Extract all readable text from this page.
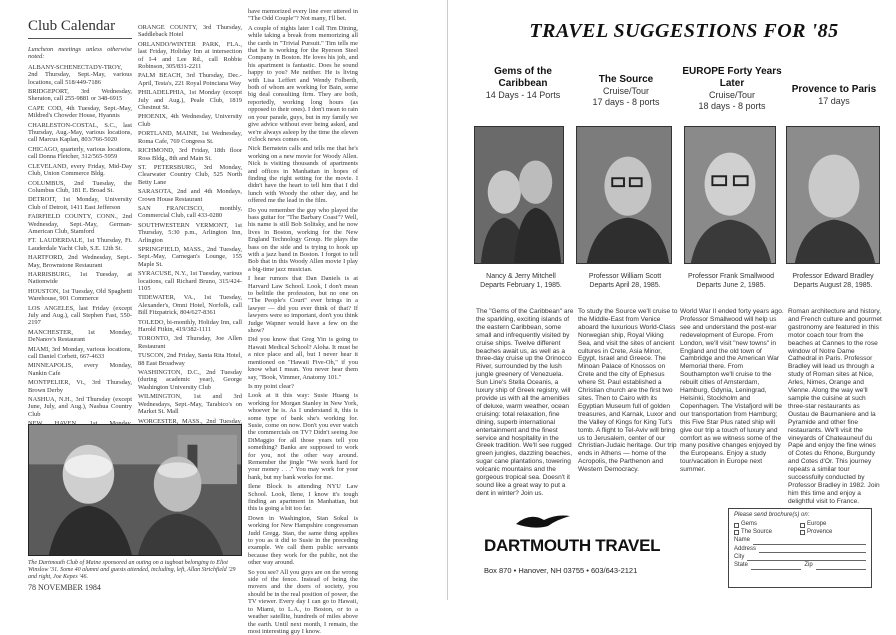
Club Calendar

Luncheon meetings unless otherwise noted:

ALBANY-SCHENECTADY-TROY, 2nd Thursday, Sept.-May, various locations, call 518/449-7186

BRIDGEPORT, 3rd Wednesday, Sheraton, call 255-9881 or 348-6915

CAPE COD, 4th Tuesday, Sept.-May, Mildred's Chowder House, Hyannis

CHARLESTON-COSTAL, S.C., last Thursday, Aug.-May, various locations, call Marcus Kaplan, 803/766-5020

CHICAGO, quarterly, various locations, call Donna Fletcher, 312/565-5959

CLEVELAND, every Friday, Mid-Day Club, Union Commerce Bldg.

COLUMBUS, 2nd Tuesday, the Columbus Club, 181 E. Broad St.

DETROIT, 1st Monday, University Club of Detroit, 1411 East Jefferson

FAIRFIELD COUNTY, CONN., 2nd Wednesday, Sept.-May, German-American Club, Stamford

FT. LAUDERDALE, 1st Thursday, Ft. Lauderdale Yacht Club, S.E. 12th St.

HARTFORD, 2nd Wednesday, Sept.-May, Brownstone Restaurant

HARRISBURG, 1st Tuesday, at Nationwide

HOUSTON, 1st Tuesday, Old Spaghetti Warehouse, 901 Commerce

LOS ANGELES, last Friday (except July and Aug.), call Stephen Fast, 550-2197

MANCHESTER, 1st Monday, DeNanov's Restaurant

MIAMI, 3rd Monday, various locations, call Daniel Corbett, 667-4633

MINNEAPOLIS, every Monday, Nankin Cafe

MONTPELIER, Vt., 3rd Thursday, Brown Derby

NASHUA, N.H., 3rd Thursday (except June, July, and Aug.), Nashua Country Club

ORANGE COUNTY, 3rd Thursday, Saddleback Hotel

ORLANDO/WINTER PARK, FLA., last Friday, Holiday Inn at intersection of I-4 and Lee Rd., call Robbie Robinson, 305/831-2211

PALM BEACH, 3rd Thursday, Dec.-April, Testa's, 221 Royal Poinciana Way

PHILADELPHIA, 1st Monday (except July and Aug.), Peale Club, 1819 Chestnut St.

PHOENIX, 4th Wednesday, University Club

PORTLAND, MAINE, 1st Wednesday, Roma Cafe, 769 Congress St.

RICHMOND, 3rd Friday, 18th floor Ross Bldg., 8th and Main St.

ST. PETERSBURG, 3rd Monday, Clearwater Country Club, 525 North Betty Lane

SARASOTA, 2nd and 4th Mondays, Crown House Restaurant

SAN FRANCISCO, monthly, Commercial Club, call 433-0280

SOUTHWESTERN VERMONT, 1st Thursday, 5:30 p.m., Arlington Inn, Arlington

SPRINGFIELD, MASS., 2nd Tuesday, Sept.-May, Carnegan's Lounge, 155 Maple St.

SYRACUSE, N.Y., 1st Tuesday, various locations, call Richard Bruno, 315/424-1105

TIDEWATER, VA., 1st Tuesday, Alexander's, Omni Hotel, Norfolk, call Bill Fitzpatrick, 804/627-8361

TOLEDO, bi-monthly, Holiday Inn, call Harold Fitkin, 419/382-1111

TORONTO, 3rd Thursday, Joe Allen Restaurant

TUSCON, 2nd Friday, Santa Rita Hotel, 88 East Broadway

WASHINGTON, D.C., 2nd Tuesday (during academic year), George Washington University Club

WILMINGTON, 1st and 3rd Wednesdays, Sept.-May, Tarabico's on Market St. Mall

WORCESTER, MASS., 2nd Tuesday,

have memorized every line ever uttered in "The Odd Couple"? Not many, I'll bet.

A couple of nights later I call Tim Dining, while taking a break from memorizing all the cards in "Trivial Pursuit." Tim tells me that he is working for the Ryerson Steel Company in Boston. He loves his job, and his apartment is fantastic. Does he sound happy to you? Me neither. He is living with Lisa Leffert and Wendy Folberth, both of whom are working for Bain, some big deal consulting firm. They are both, reportedly, working long hours (as opposed to their ones). I don't mean to rain on your parade, guys, but in my family we give advice without ever being asked, and we're always asleep by the time the eleven o'clock news comes on.

Nick Bernstein calls and tells me that he's working on a new movie for Woody Allen. Nick is visiting thousands of apartments and offices in Manhattan in hopes of finding the right setting for the movie. I didn't have the heart to tell him that I did lunch with Woody the other day, and he offered me the lead in the film.

Do you remember the guy who played the bass guitar for "The Barbary Coast"? Well, his name is still Bob Solitsky, and he now lives in Boston, working for the New England Technology Group. He plays the bass on the side and is trying to hook up with a jazz band in Boston. I forgot to tell Bob that in this Woody Allen movie I play a big-time jazz musician.

I hear rumors that Dan Daniels is at Harvard Law School. Look, I don't mean to belittle the profession, but no one on "The People's Court" ever brings in a lawyer — did you ever think of that? If lawyers were so important, don't you think Judge Wapner would have a few on the show?

Did you know that Greg Yin is going to Hawaii Medical School? Aloha. It must be a nice place and all, but I never hear it mentioned on "Hawaii Five-Oh," if you know what I mean. You never hear them say, "Book, Vimmer, Anatomy 101."

Is my point clear?

Look at it this way: Susie Huang is working for Morgan Stanley in New York, whoever he is. As I understand it, this is some type of bank she's working for. Susie, come on now. Don't you ever watch the commercials on TV? Didn't seeing Joe DiMaggio for all those years tell you something? Banks are supposed to work for you, not the other way around. Remember the jingle "We work hard for your money . . ." You may work for your bank, but my bank works for me.

Ilene Block is attending NYU Law School. Look, Ilene, I know it's tough finding an apartment in Manhattan, but this is going a bit too far.

Down in Washington, Stan Sokul is working for New Hampshire congressman Judd Gregg. Stan, the same thing applies to you as it did to Susie in the preceding example. We call them public servants because they work for the public, not the other way around.

So you see? All you guys are on the wrong side of the fence. Instead of being the movers and the doers of society, you should be in the real position of power, the TV viewer. Every day I can go to Hawaii, to Miami, to L.A., to Boston, or to a weather satellite, hundreds of miles above the earth. Until next month, I remain, the most interesting guy I know.

The Dartmouth Club of Maine sponsored an outing on a tugboat belonging to Eliot Winslow '31. Some 40 alumni and guests attended, including, left, Allan Strichfield '29 and right, Joe Kepes '46.
78 NOVEMBER 1984
TRAVEL SUGGESTIONS FOR '85
Gems of the Caribbean
14 Days - 14 Ports
The Source
Cruise/Tour
17 days - 8 ports
EUROPE Forty Years Later
Cruise/Tour
18 days - 8 ports
Provence to Paris
17 days
Nancy & Jerry Mitchell
Departs February 1, 1985.
Professor William Scott
Departs April 28, 1985.
Professor Frank Smallwood
Departs June 2, 1985.
Professor Edward Bradley
Departs August 28, 1985.
The "Gems of the Caribbean" are the sparkling, exciting islands of the eastern Caribbean, some small and infrequently visited by cruise ships. Twelve different beaches await us, as well as a three-day cruise up the Orinocco River, surrounded by the lush jungle greenery of Venezuela. Sun Line's Stella Oceanis, a luxury ship of Greek registry, will provide us with all the amenities of deluxe, warm weather, ocean cruising: total relaxation, fine dining, superb international entertainment and the finest service and hospitality in the Greek tradition. We'll see rugged green jungles, dazzling beaches, sugar cane plantations, towering volcanic mountains and the gorgeous tropical sea. Doesn't it sound like a great way to put a dent in winter? Join us.
To study the Source we'll cruise to the Middle-East from Venice aboard the luxurious World-Class Norwegian ship, Royal Viking Sea, and visit the sites of ancient cultures in Crete, Asia Minor, Egypt, Israel and Greece. The Minoan Palace of Knossos on Crete and the city of Ephesus where St. Paul established a Christian church are the first two sites. Then to Cairo with its Egyptian Museum full of golden treasures, and Karnak, Luxor and the Valley of Kings for King Tut's tomb. A flight to Tel-Aviv will bring us to Jerusalem, center of our Christian-Judaic heritage. Our trip ends in Athens — home of the Acropolis, the Parthenon and Western Democracy.
World War II ended forty years ago. Professor Smallwood will help us see and understand the post-war redevelopment of Europe. From London, we'll visit "new towns" in England and the old town of Cambridge and the American War Memorial there. From Southampton we'll cruise to the rebuilt cities of Amsterdam, Hamburg, Gdynia, Leningrad, Helsinki, Stockholm and Copenhagen. The Vistafjord will be our transportation from Hamburg; this Five Star Plus rated ship will give our trip a touch of luxury and comfort as we witness some of the many positive changes enjoyed by the Europeans. Enjoy a study tour/vacation in Europe next summer.
Roman architecture and history, and French culture and gourmet gastronomy are featured in this motor coach tour from the beaches at Cannes to the rose window of Notre Dame Cathedral in Paris. Professor Bradley will lead us through a study of Roman sites at Nice, Arles, Nimes, Orange and Vienne. Along the way we'll sample the cuisine at such three-star restaurants as Oustau de Baumaniere and la Pyramide and other fine restaurants. We'll visit the vineyards of Chateauneuf du Pape and enjoy the fine wines of Cotes du Rhone, Burgundy and Cotes d'Or. This journey repeats a similar tour successfully conducted by Professor Bradley in 1982. Join him this time and enjoy a delightful visit to France.
DARTMOUTH TRAVEL
Box 870 • Hanover, NH 03755 • 603/643-2121
Please send brochure(s) on:
Gems	Europe
The Source	Provence
Name
Address
City
State	Zip
